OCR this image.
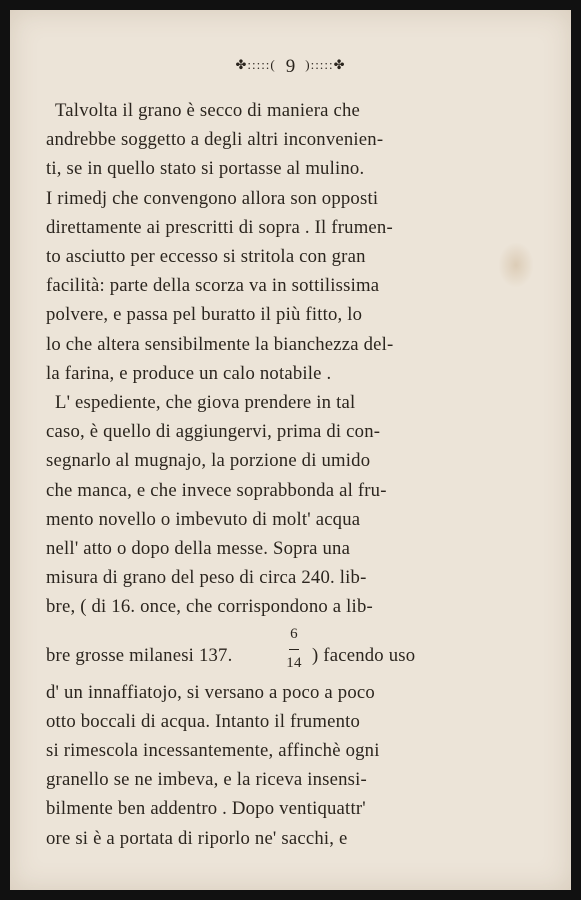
✤:::::( 9 ):::::✤
Talvolta il grano è secco di maniera che
andrebbe soggetto a degli altri inconvenien-
ti, se in quello stato si portasse al mulino.
I rimedj che convengono allora son opposti
direttamente ai prescritti di sopra . Il frumen-
to asciutto per eccesso si stritola con gran
facilità: parte della scorza va in sottilissima
polvere, e passa pel buratto il più fitto, lo
lo che altera sensibilmente la bianchezza del-
la farina, e produce un calo notabile .
L' espediente, che giova prendere in tal
caso, è quello di aggiungervi, prima di con-
segnarlo al mugnajo, la porzione di umido
che manca, e che invece soprabbonda al fru-
mento novello o imbevuto di molt' acqua
nell' atto o dopo della messe. Sopra una
misura di grano del peso di circa 240. lib-
bre, ( di 16. once, che corrispondono a lib-
bre grosse milanesi 137.
6
14 ) facendo uso
d' un innaffiatojo, si versano a poco a poco
otto boccali di acqua. Intanto il frumento
si rimescola incessantemente, affinchè ogni
granello se ne imbeva, e la riceva insensi-
bilmente ben addentro . Dopo ventiquattr'
ore si è a portata di riporlo ne' sacchi, e
